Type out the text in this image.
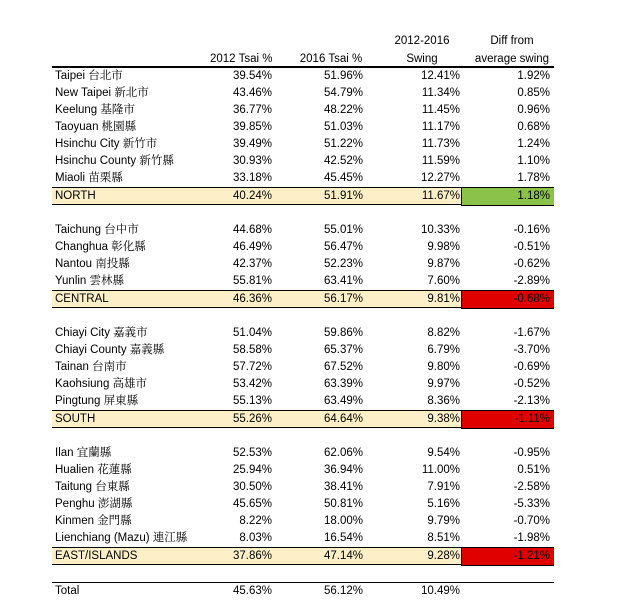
2012 Tsai % 2016 Tsai %
2012-2016
Swing
Diff from
average swing
Taipei 台北市	39.54%	51.96%	12.41%	1.92%
New Taipei 新北市	43.46%	54.79%	11.34%	0.85%
Keelung 基隆市	36.77%	48.22%	11.45%	0.96%
Taoyuan 桃園縣	39.85%	51.03%	11.17%	0.68%
Hsinchu City 新竹市	39.49%	51.22%	11.73%	1.24%
Hsinchu County 新竹縣	30.93%	42.52%	11.59%	1.10%
Miaoli 苗栗縣	33.18%	45.45%	12.27%	1.78%
NORTH	40.24%	51.91%	11.67%	1.18%
Taichung 台中市	44.68%	55.01%	10.33%	-0.16%
Changhua 彰化縣	46.49%	56.47%	9.98%	-0.51%
Nantou 南投縣	42.37%	52.23%	9.87%	-0.62%
Yunlin 雲林縣	55.81%	63.41%	7.60%	-2.89%
CENTRAL	46.36%	56.17%	9.81%	-0.68%
Chiayi City 嘉義市	51.04%	59.86%	8.82%	-1.67%
Chiayi County 嘉義縣	58.58%	65.37%	6.79%	-3.70%
Tainan 台南市	57.72%	67.52%	9.80%	-0.69%
Kaohsiung 高雄市	53.42%	63.39%	9.97%	-0.52%
Pingtung 屏東縣	55.13%	63.49%	8.36%	-2.13%
SOUTH	55.26%	64.64%	9.38%	-1.11%
Ilan 宜蘭縣	52.53%	62.06%	9.54%	-0.95%
Hualien 花蓮縣	25.94%	36.94%	11.00%	0.51%
Taitung 台東縣	30.50%	38.41%	7.91%	-2.58%
Penghu 澎湖縣	45.65%	50.81%	5.16%	-5.33%
Kinmen 金門縣	8.22%	18.00%	9.79%	-0.70%
Lienchiang (Mazu) 連江縣	8.03%	16.54%	8.51%	-1.98%
EAST/ISLANDS	37.86%	47.14%	9.28%	-1.21%
Total	45.63%	56.12%	10.49%
